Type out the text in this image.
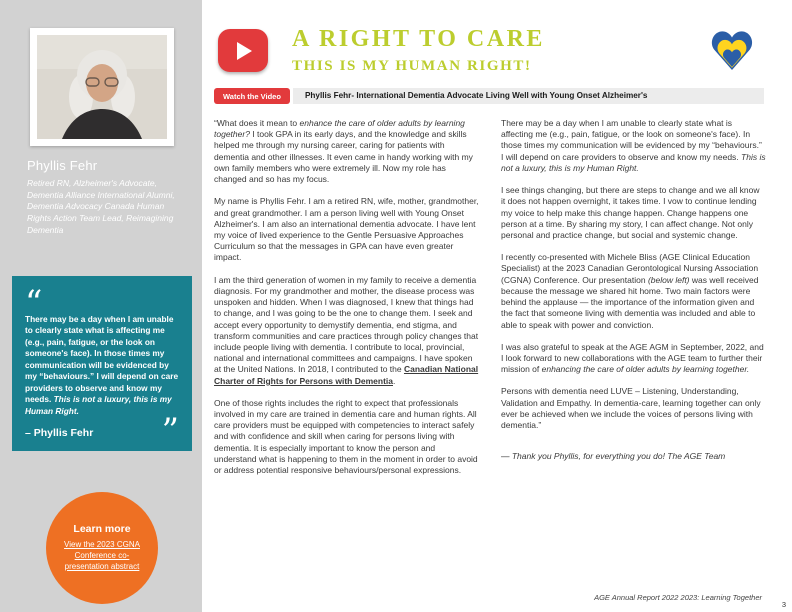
Phyllis Fehr
Retired RN, Alzheimer's Advocate, Dementia Alliance International Alumni, Dementia Advocacy Canada Human Rights Action Team Lead, Reimagining Dementia
“

There may be a day when I am unable to clearly state what is affecting me (e.g., pain, fatigue, or the look on someone's face). In those times my communication will be evidenced by my “behaviours.” I will depend on care providers to observe and know my needs. This is not a luxury, this is my Human Right.

– Phyllis Fehr ”
Learn more
View the 2023 CGNA Conference co-presentation abstract
A RIGHT TO CARE
THIS IS MY HUMAN RIGHT!
Watch the Video	Phyllis Fehr- International Dementia Advocate Living Well with Young Onset Alzheimer's

“What does it mean to enhance the care of older adults by learning together? I took GPA in its early days, and the knowledge and skills helped me through my nursing career, caring for patients with dementia and other illnesses. It even came in handy working with my own family members who were extremely ill. Now my role has changed and so has my focus.

My name is Phyllis Fehr. I am a retired RN, wife, mother, grandmother, and great grandmother. I am a person living well with Young Onset Alzheimer's. I am also an international dementia advocate. I have lent my voice of lived experience to the Gentle Persuasive Approaches Curriculum so that the messages in GPA can have even greater impact.

I am the third generation of women in my family to receive a dementia diagnosis. For my grandmother and mother, the disease process was unspoken and hidden. When I was diagnosed, I knew that things had to change, and I was going to be the one to change them. I seek and accept every opportunity to demystify dementia, end stigma, and transform communities and care practices through policy changes that include people living with dementia. I contribute to local, provincial, national and international committees and campaigns. I have spoken at the United Nations. In 2018, I contributed to the Canadian National Charter of Rights for Persons with Dementia.

One of those rights includes the right to expect that professionals involved in my care are trained in dementia care and human rights. All care providers must be equipped with competencies to interact safely and with confidence and skill when caring for persons living with dementia. It is especially important to know the person and understand what is happening to them in the moment in order to avoid or address potential responsive behaviours/personal expressions.

There may be a day when I am unable to clearly state what is affecting me (e.g., pain, fatigue, or the look on someone's face). In those times my communication will be evidenced by my “behaviours.” I will depend on care providers to observe and know my needs. This is not a luxury, this is my Human Right.

I see things changing, but there are steps to change and we all know it does not happen overnight, it takes time. I vow to continue lending my voice to help make this change happen. Change happens one person at a time. By sharing my story, I can affect change. Not only personal and practice change, but social and systemic change.

I recently co-presented with Michele Bliss (AGE Clinical Education Specialist) at the 2023 Canadian Gerontological Nursing Association (CGNA) Conference. Our presentation (below left) was well received because the message we shared hit home. Two main factors were behind the applause — the importance of the information given and the fact that someone living with dementia was included and able to able to speak with power and conviction.

I was also grateful to speak at the AGE AGM in September, 2022, and I look forward to new collaborations with the AGE team to further their mission of enhancing the care of older adults by learning together.

Persons with dementia need LUVE – Listening, Understanding, Validation and Empathy. In dementia-care, learning together can only ever be achieved when we include the voices of persons living with dementia.”

— Thank you Phyllis, for everything you do! The AGE Team

AGE Annual Report 2022 2023: Learning Together
3
